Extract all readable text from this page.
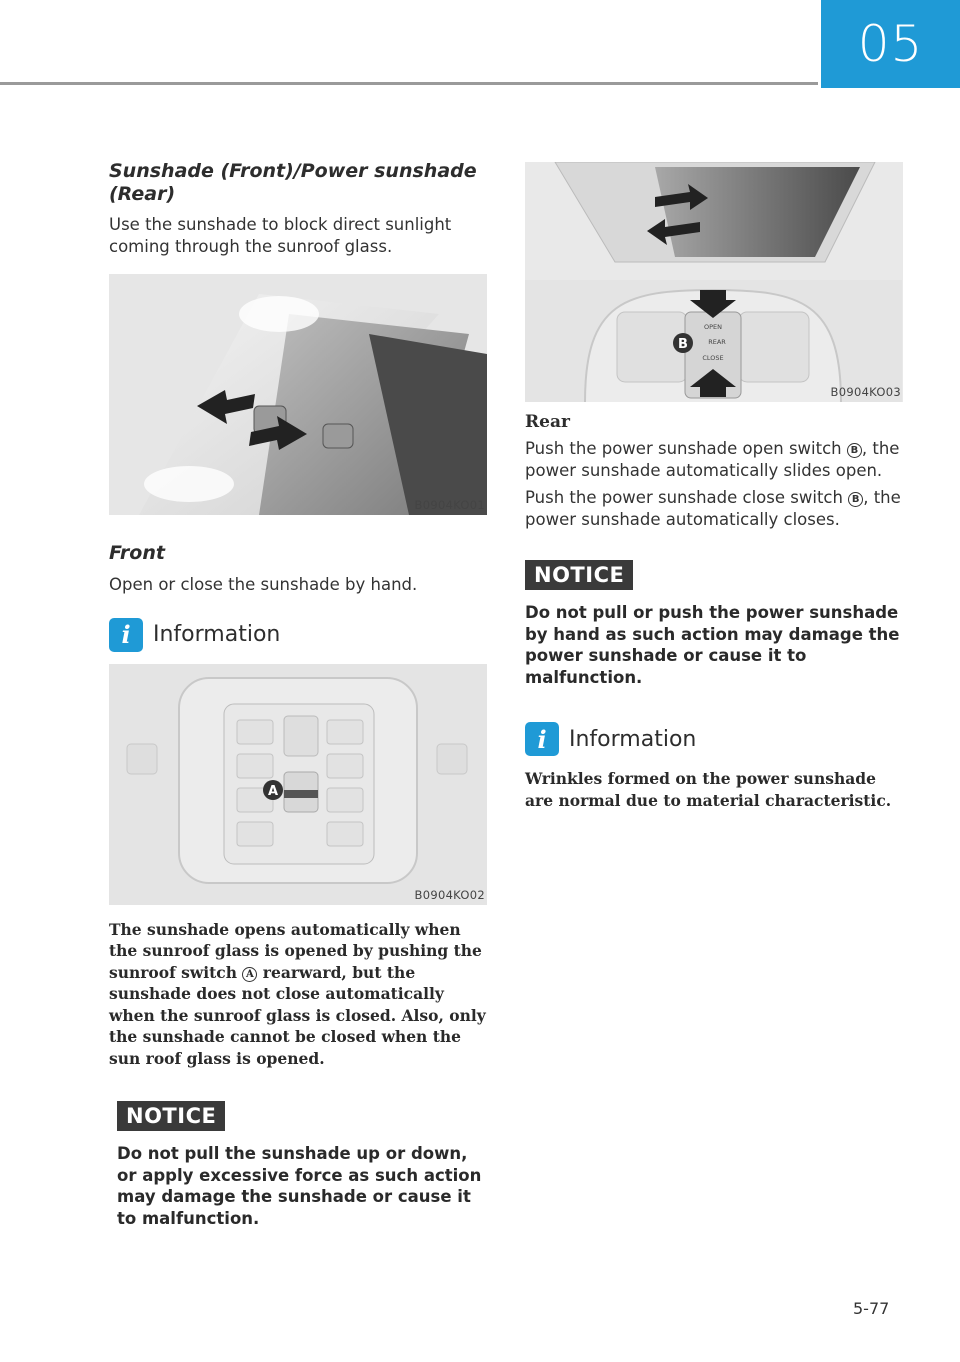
05
Sunshade (Front)/Power sunshade (Rear)

Use the sunshade to block direct sunlight coming through the sunroof glass.

B0904KO01
Front

Open or close the sunshade by hand.

i	Information
A
B0904KO02

The sunshade opens automatically when the sunroof glass is opened by pushing the sunroof switch A rearward, but the sunshade does not close automatically when the sunroof glass is closed. Also, only the sunshade cannot be closed when the sun roof glass is opened.

NOTICE

Do not pull the sunshade up or down, or apply excessive force as such action may damage the sunshade or cause it to malfunction.

OPEN
REAR
CLOSE
B
B0904KO03
Rear

Push the power sunshade open switch B , the power sunshade automatically slides open.

Push the power sunshade close switch B , the power sunshade automatically closes.

NOTICE

Do not pull or push the power sunshade by hand as such action may damage the power sunshade or cause it to malfunction.

i	Information

Wrinkles formed on the power sunshade are normal due to material characteristic.

5-77
